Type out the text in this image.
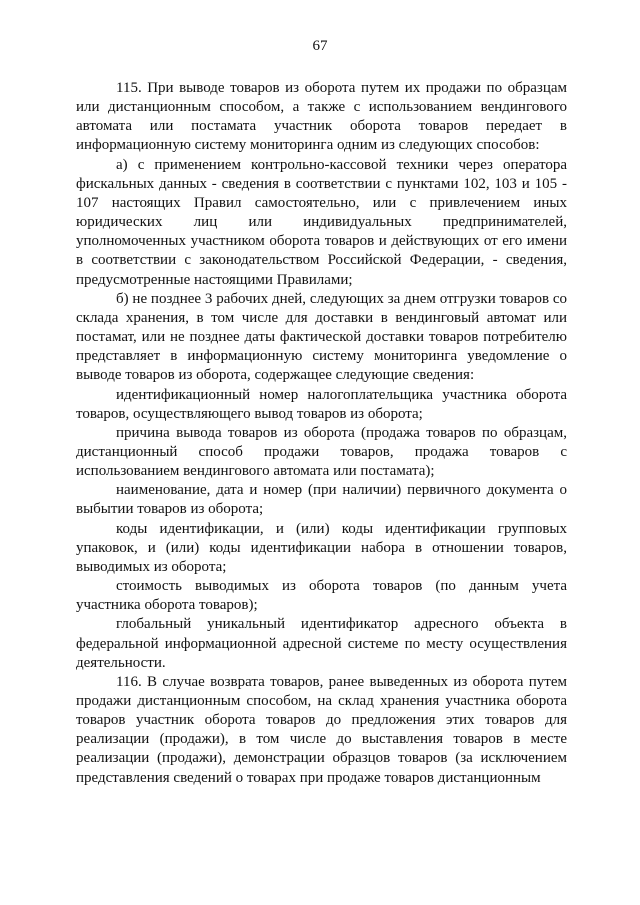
67

115. При выводе товаров из оборота путем их продажи по образцам или дистанционным способом, а также с использованием вендингового автомата или постамата участник оборота товаров передает в информационную систему мониторинга одним из следующих способов:

а) с применением контрольно-кассовой техники через оператора фискальных данных - сведения в соответствии с пунктами 102, 103 и 105 - 107 настоящих Правил самостоятельно, или с привлечением иных юридических лиц или индивидуальных предпринимателей, уполномоченных участником оборота товаров и действующих от его имени в соответствии с законодательством Российской Федерации, - сведения, предусмотренные настоящими Правилами;

б) не позднее 3 рабочих дней, следующих за днем отгрузки товаров со склада хранения, в том числе для доставки в вендинговый автомат или постамат, или не позднее даты фактической доставки товаров потребителю представляет в информационную систему мониторинга уведомление о выводе товаров из оборота, содержащее следующие сведения:

идентификационный номер налогоплательщика участника оборота товаров, осуществляющего вывод товаров из оборота;

причина вывода товаров из оборота (продажа товаров по образцам, дистанционный способ продажи товаров, продажа товаров с использованием вендингового автомата или постамата);

наименование, дата и номер (при наличии) первичного документа о выбытии товаров из оборота;

коды идентификации, и (или) коды идентификации групповых упаковок, и (или) коды идентификации набора в отношении товаров, выводимых из оборота;

стоимость выводимых из оборота товаров (по данным учета участника оборота товаров);

глобальный уникальный идентификатор адресного объекта в федеральной информационной адресной системе по месту осуществления деятельности.

116. В случае возврата товаров, ранее выведенных из оборота путем продажи дистанционным способом, на склад хранения участника оборота товаров участник оборота товаров до предложения этих товаров для реализации (продажи), в том числе до выставления товаров в месте реализации (продажи), демонстрации образцов товаров (за исключением представления сведений о товарах при продаже товаров дистанционным
